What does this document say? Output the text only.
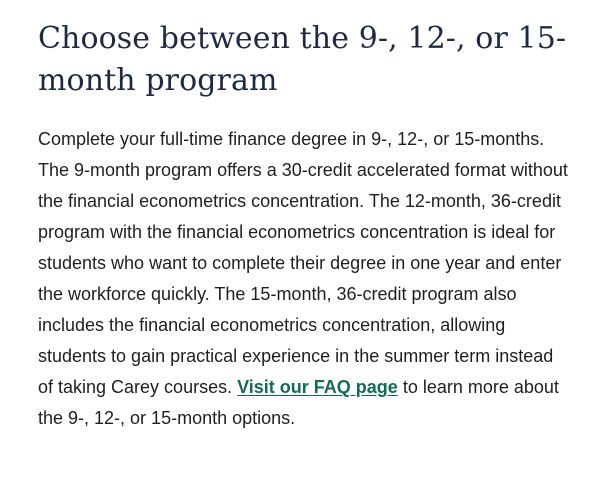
Choose between the 9-, 12-, or 15-month program

Complete your full-time finance degree in 9-, 12-, or 15-months. The 9-month program offers a 30-credit accelerated format without the financial econometrics concentration. The 12-month, 36-credit program with the financial econometrics concentration is ideal for students who want to complete their degree in one year and enter the workforce quickly. The 15-month, 36-credit program also includes the financial econometrics concentration, allowing students to gain practical experience in the summer term instead of taking Carey courses. Visit our FAQ page to learn more about the 9-, 12-, or 15-month options.
